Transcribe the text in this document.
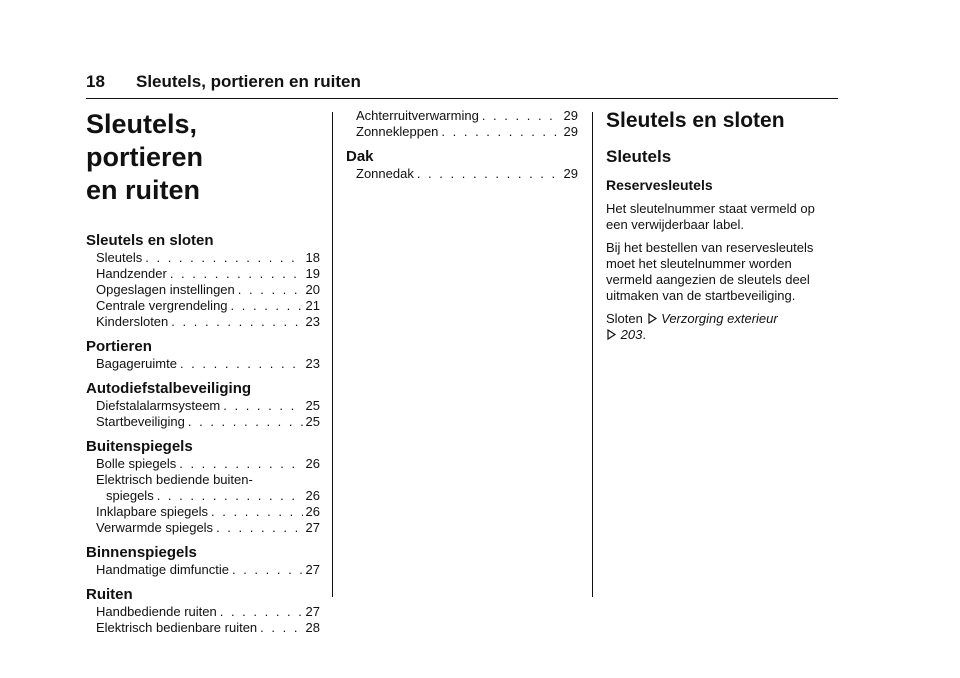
18 Sleutels, portieren en ruiten
Sleutels, portieren
en ruiten
Sleutels en sloten
Sleutels . . .	18
Handzender . . .	19
Opgeslagen instellingen . . .	20
Centrale vergrendeling . . .	21
Kindersloten . . .	23
Portieren
Bagageruimte . . .	23
Autodiefstalbeveiliging
Diefstalalarmsysteem . . .	25
Startbeveiliging . . .	25
Buitenspiegels
Bolle spiegels . . .	26
Elektrisch bediende buiten-
spiegels . . .	26
Inklapbare spiegels . . .	26
Verwarmde spiegels . . .	27
Binnenspiegels
Handmatige dimfunctie . . .	27
Ruiten
Handbediende ruiten . . .	27
Elektrisch bedienbare ruiten . . .	28
Achterruitverwarming . . .	29
Zonnekleppen . . .	29
Dak
Zonnedak . . .	29
Sleutels en sloten
Sleutels
Reservesleutels

Het sleutelnummer staat vermeld op een verwijderbaar label.

Bij het bestellen van reservesleutels moet het sleutelnummer worden vermeld aangezien de sleutels deel uitmaken van de startbeveiliging.

Sloten Verzorging exterieur
203.
